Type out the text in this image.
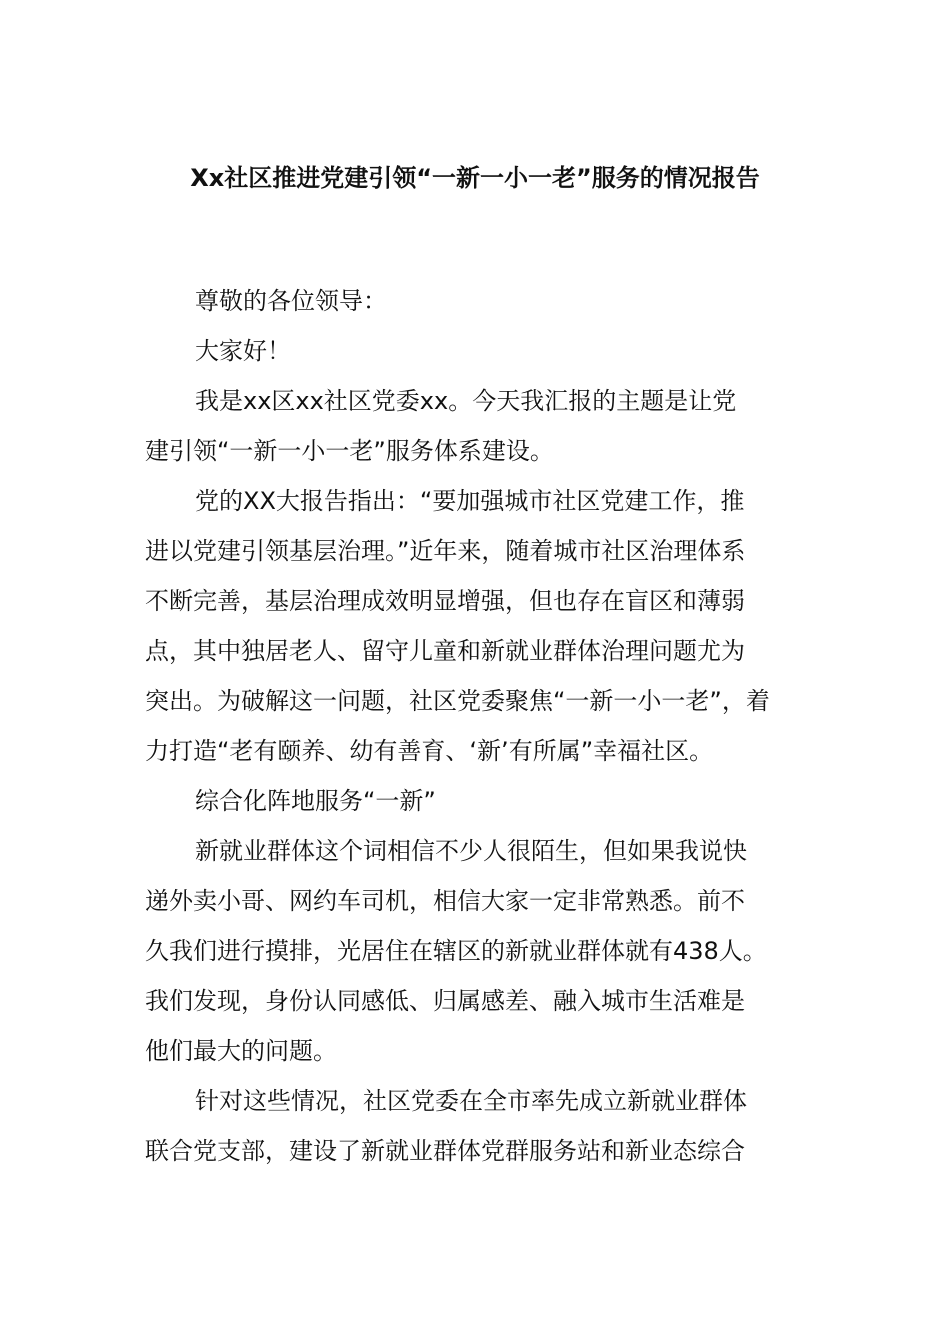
Xx社区推进党建引领“一新一小一老”服务的情况报告
尊敬的各位领导：
大家好！
我是xx区xx社区党委xx。今天我汇报的主题是让党
建引领“一新一小一老”服务体系建设。
党的XX大报告指出：“要加强城市社区党建工作，推
进以党建引领基层治理。”近年来，随着城市社区治理体系
不断完善，基层治理成效明显增强，但也存在盲区和薄弱
点，其中独居老人、留守儿童和新就业群体治理问题尤为
突出。为破解这一问题，社区党委聚焦“一新一小一老”，着
力打造“老有颐养、幼有善育、‘新’有所属”幸福社区。
综合化阵地服务“一新”
新就业群体这个词相信不少人很陌生，但如果我说快
递外卖小哥、网约车司机，相信大家一定非常熟悉。前不
久我们进行摸排，光居住在辖区的新就业群体就有438人。
我们发现，身份认同感低、归属感差、融入城市生活难是
他们最大的问题。
针对这些情况，社区党委在全市率先成立新就业群体
联合党支部，建设了新就业群体党群服务站和新业态综合
